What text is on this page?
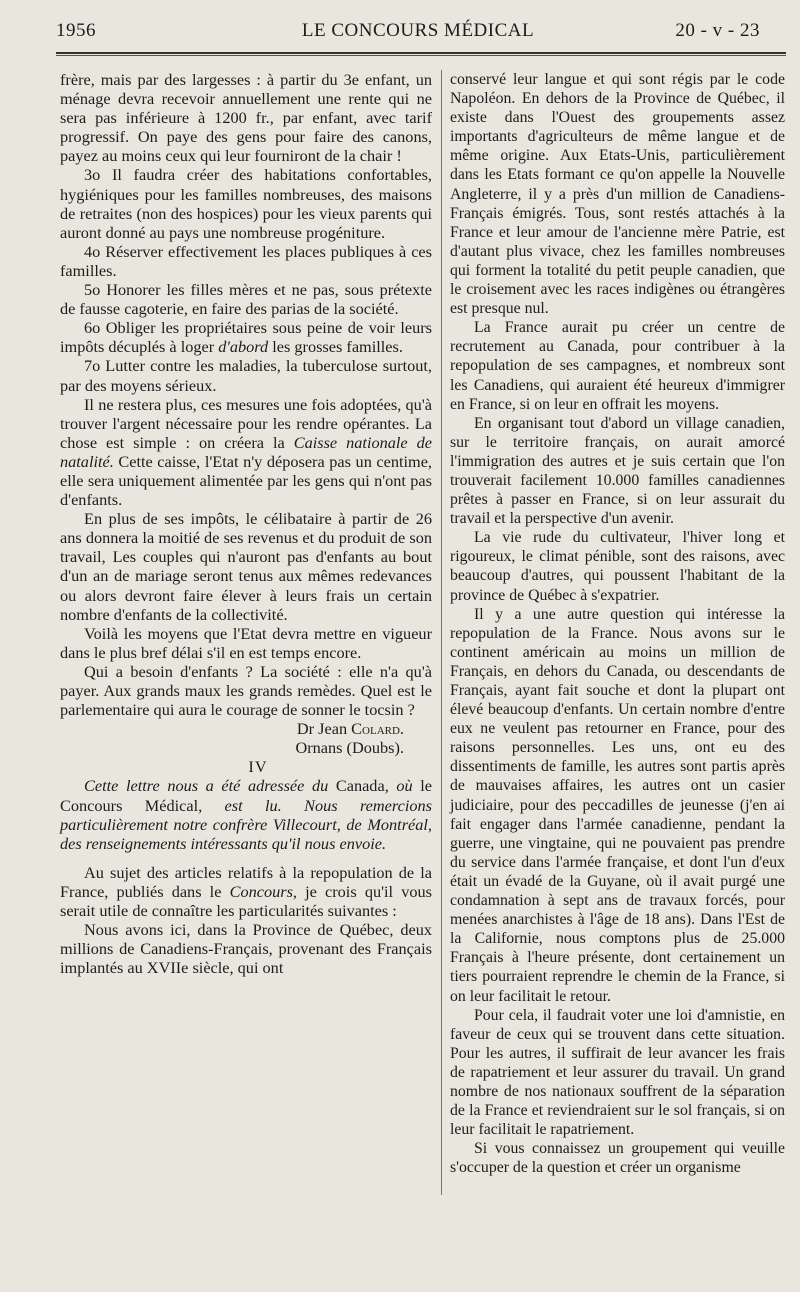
1956	LE CONCOURS MÉDICAL	20 - v - 23

frère, mais par des largesses : à partir du 3e enfant, un ménage devra recevoir annuellement une rente qui ne sera pas inférieure à 1200 fr., par enfant, avec tarif progressif. On paye des gens pour faire des canons, payez au moins ceux qui leur fourniront de la chair !

3o Il faudra créer des habitations confortables, hygiéniques pour les familles nombreuses, des maisons de retraites (non des hospices) pour les vieux parents qui auront donné au pays une nombreuse progéniture.

4o Réserver effectivement les places publiques à ces familles.

5o Honorer les filles mères et ne pas, sous prétexte de fausse cagoterie, en faire des parias de la société.

6o Obliger les propriétaires sous peine de voir leurs impôts décuplés à loger d'abord les grosses familles.

7o Lutter contre les maladies, la tuberculose surtout, par des moyens sérieux.

Il ne restera plus, ces mesures une fois adoptées, qu'à trouver l'argent nécessaire pour les rendre opérantes. La chose est simple : on créera la Caisse nationale de natalité. Cette caisse, l'Etat n'y déposera pas un centime, elle sera uniquement alimentée par les gens qui n'ont pas d'enfants.

En plus de ses impôts, le célibataire à partir de 26 ans donnera la moitié de ses revenus et du produit de son travail, Les couples qui n'auront pas d'enfants au bout d'un an de mariage seront tenus aux mêmes redevances ou alors devront faire élever à leurs frais un certain nombre d'enfants de la collectivité.

Voilà les moyens que l'Etat devra mettre en vigueur dans le plus bref délai s'il en est temps encore.

Qui a besoin d'enfants ? La société : elle n'a qu'à payer. Aux grands maux les grands remèdes. Quel est le parlementaire qui aura le courage de sonner le tocsin ?

Dr Jean Colard.

Ornans (Doubs).

IV

Cette lettre nous a été adressée du Canada, où le Concours Médical, est lu. Nous remercions particulièrement notre confrère Villecourt, de Montréal, des renseignements intéressants qu'il nous envoie.

Au sujet des articles relatifs à la repopulation de la France, publiés dans le Concours, je crois qu'il vous serait utile de connaître les particularités suivantes :

Nous avons ici, dans la Province de Québec, deux millions de Canadiens-Français, provenant des Français implantés au XVIIe siècle, qui ont

conservé leur langue et qui sont régis par le code Napoléon. En dehors de la Province de Québec, il existe dans l'Ouest des groupements assez importants d'agriculteurs de même langue et de même origine. Aux Etats-Unis, particulièrement dans les Etats formant ce qu'on appelle la Nouvelle Angleterre, il y a près d'un million de Canadiens-Français émigrés. Tous, sont restés attachés à la France et leur amour de l'ancienne mère Patrie, est d'autant plus vivace, chez les familles nombreuses qui forment la totalité du petit peuple canadien, que le croisement avec les races indigènes ou étrangères est presque nul.

La France aurait pu créer un centre de recrutement au Canada, pour contribuer à la repopulation de ses campagnes, et nombreux sont les Canadiens, qui auraient été heureux d'immigrer en France, si on leur en offrait les moyens.

En organisant tout d'abord un village canadien, sur le territoire français, on aurait amorcé l'immigration des autres et je suis certain que l'on trouverait facilement 10.000 familles canadiennes prêtes à passer en France, si on leur assurait du travail et la perspective d'un avenir.

La vie rude du cultivateur, l'hiver long et rigoureux, le climat pénible, sont des raisons, avec beaucoup d'autres, qui poussent l'habitant de la province de Québec à s'expatrier.

Il y a une autre question qui intéresse la repopulation de la France. Nous avons sur le continent américain au moins un million de Français, en dehors du Canada, ou descendants de Français, ayant fait souche et dont la plupart ont élevé beaucoup d'enfants. Un certain nombre d'entre eux ne veulent pas retourner en France, pour des raisons personnelles. Les uns, ont eu des dissentiments de famille, les autres sont partis après de mauvaises affaires, les autres ont un casier judiciaire, pour des peccadilles de jeunesse (j'en ai fait engager dans l'armée canadienne, pendant la guerre, une vingtaine, qui ne pouvaient pas prendre du service dans l'armée française, et dont l'un d'eux était un évadé de la Guyane, où il avait purgé une condamnation à sept ans de travaux forcés, pour menées anarchistes à l'âge de 18 ans). Dans l'Est de la Californie, nous comptons plus de 25.000 Français à l'heure présente, dont certainement un tiers pourraient reprendre le chemin de la France, si on leur facilitait le retour.

Pour cela, il faudrait voter une loi d'amnistie, en faveur de ceux qui se trouvent dans cette situation. Pour les autres, il suffirait de leur avancer les frais de rapatriement et leur assurer du travail. Un grand nombre de nos nationaux souffrent de la séparation de la France et reviendraient sur le sol français, si on leur facilitait le rapatriement.

Si vous connaissez un groupement qui veuille s'occuper de la question et créer un organisme
